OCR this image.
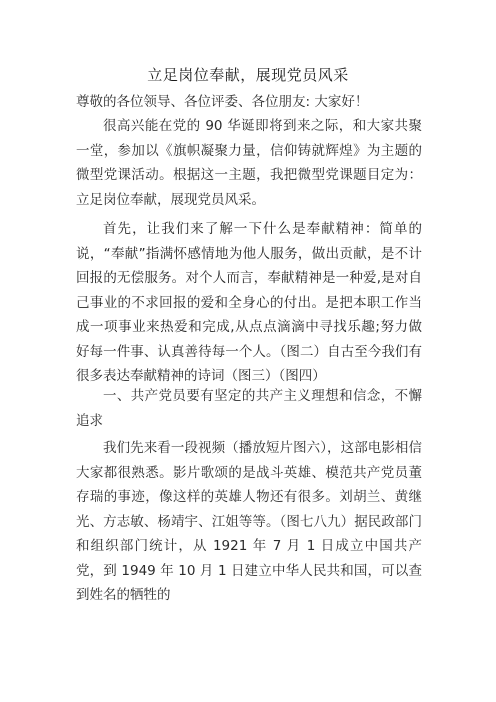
立足岗位奉献，展现党员风采
尊敬的各位领导、各位评委、各位朋友: 大家好！
很高兴能在党的 90 华诞即将到来之际，和大家共聚一堂，参加以《旗帜凝聚力量，信仰铸就辉煌》为主题的微型党课活动。根据这一主题，我把微型党课题目定为：立足岗位奉献，展现党员风采。
首先，让我们来了解一下什么是奉献精神：简单的说，“奉献”指满怀感情地为他人服务，做出贡献，是不计回报的无偿服务。对个人而言，奉献精神是一种爱,是对自己事业的不求回报的爱和全身心的付出。是把本职工作当成一项事业来热爱和完成,从点点滴滴中寻找乐趣;努力做好每一件事、认真善待每一个人。（图二）自古至今我们有很多表达奉献精神的诗词（图三）（图四）
一、共产党员要有坚定的共产主义理想和信念，不懈追求
我们先来看一段视频（播放短片图六），这部电影相信大家都很熟悉。影片歌颂的是战斗英雄、模范共产党员董存瑞的事迹，像这样的英雄人物还有很多。刘胡兰、黄继光、方志敏、杨靖宇、江姐等等。（图七八九）据民政部门和组织部门统计，从 1921 年 7 月 1 日成立中国共产党，到 1949 年 10 月 1 日建立中华人民共和国，可以查到姓名的牺牲的
